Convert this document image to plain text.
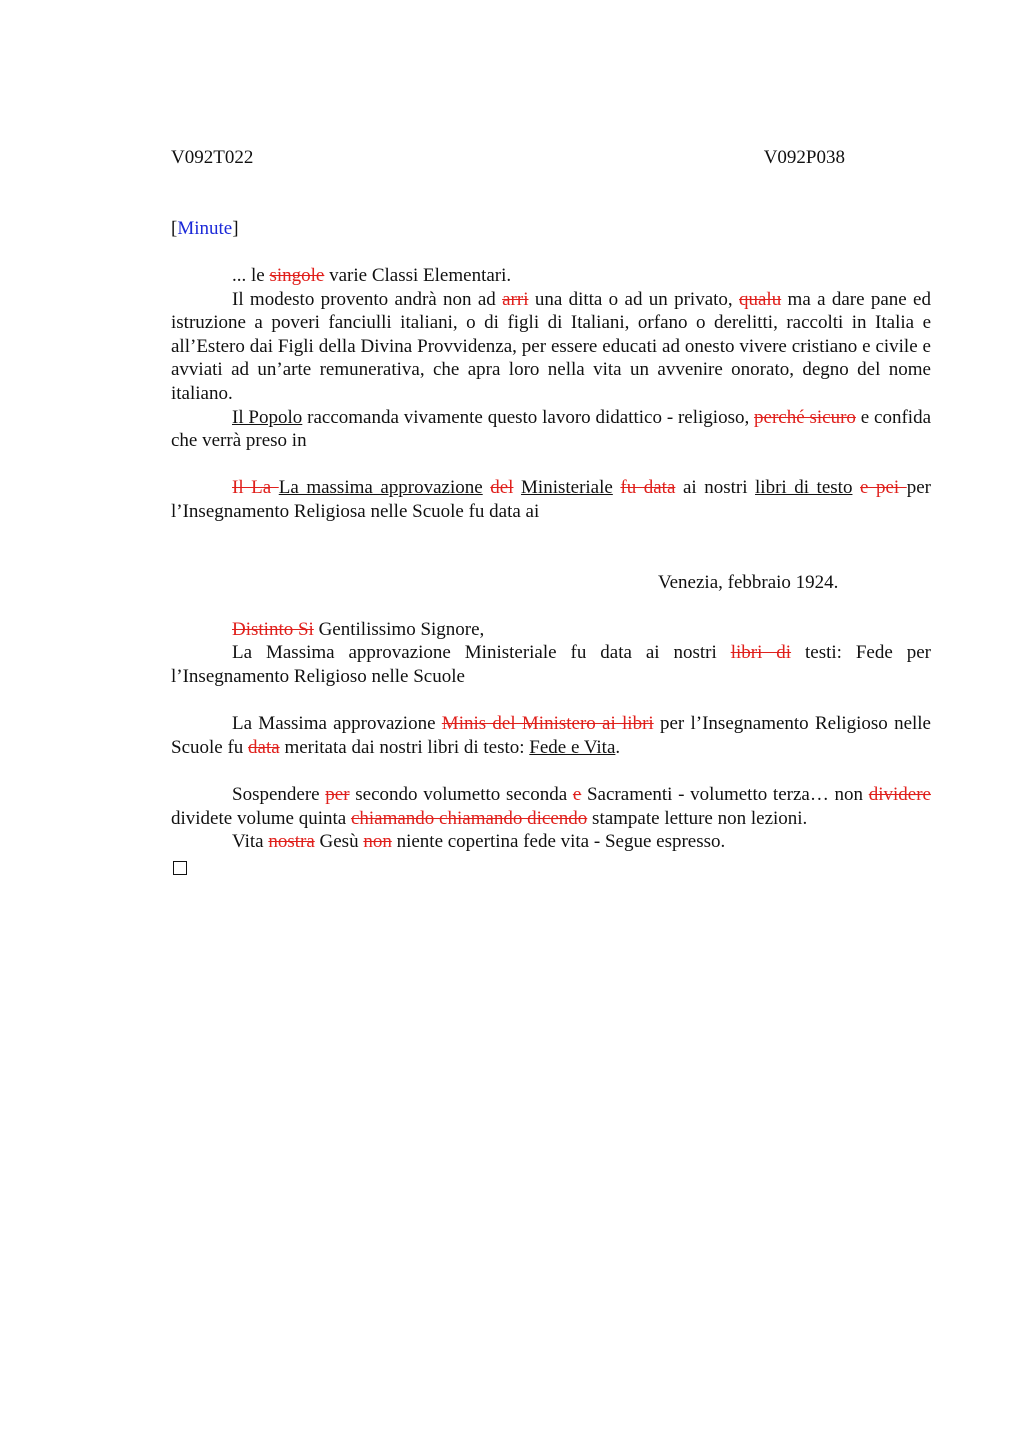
V092T022	V092P038

[Minute]

... le singole varie Classi Elementari.

Il modesto provento andrà non ad arri una ditta o ad un privato, qualu ma a dare pane ed istruzione a poveri fanciulli italiani, o di figli di Italiani, orfano o derelitti, raccolti in Italia e all’Estero dai Figli della Divina Provvidenza, per essere educati ad onesto vivere cristiano e civile e avviati ad un’arte remunerativa, che apra loro nella vita un avvenire onorato, degno del nome italiano.

Il Popolo raccomanda vivamente questo lavoro didattico - religioso, perché sicuro e confida che verrà preso in

Il La La massima approvazione del Ministeriale fu data ai nostri libri di testo e pei per l’Insegnamento Religiosa nelle Scuole fu data ai

Venezia, febbraio 1924.

Distinto Si Gentilissimo Signore,

La Massima approvazione Ministeriale fu data ai nostri libri di testi: Fede per l’Insegnamento Religioso nelle Scuole

La Massima approvazione Minis del Ministero ai libri per l’Insegnamento Religioso nelle Scuole fu data meritata dai nostri libri di testo: Fede e Vita.

Sospendere per secondo volumetto seconda e Sacramenti - volumetto terza… non dividere dividete volume quinta chiamando chiamando dicendo stampate letture non lezioni.

Vita nostra Gesù non niente copertina fede vita - Segue espresso.
